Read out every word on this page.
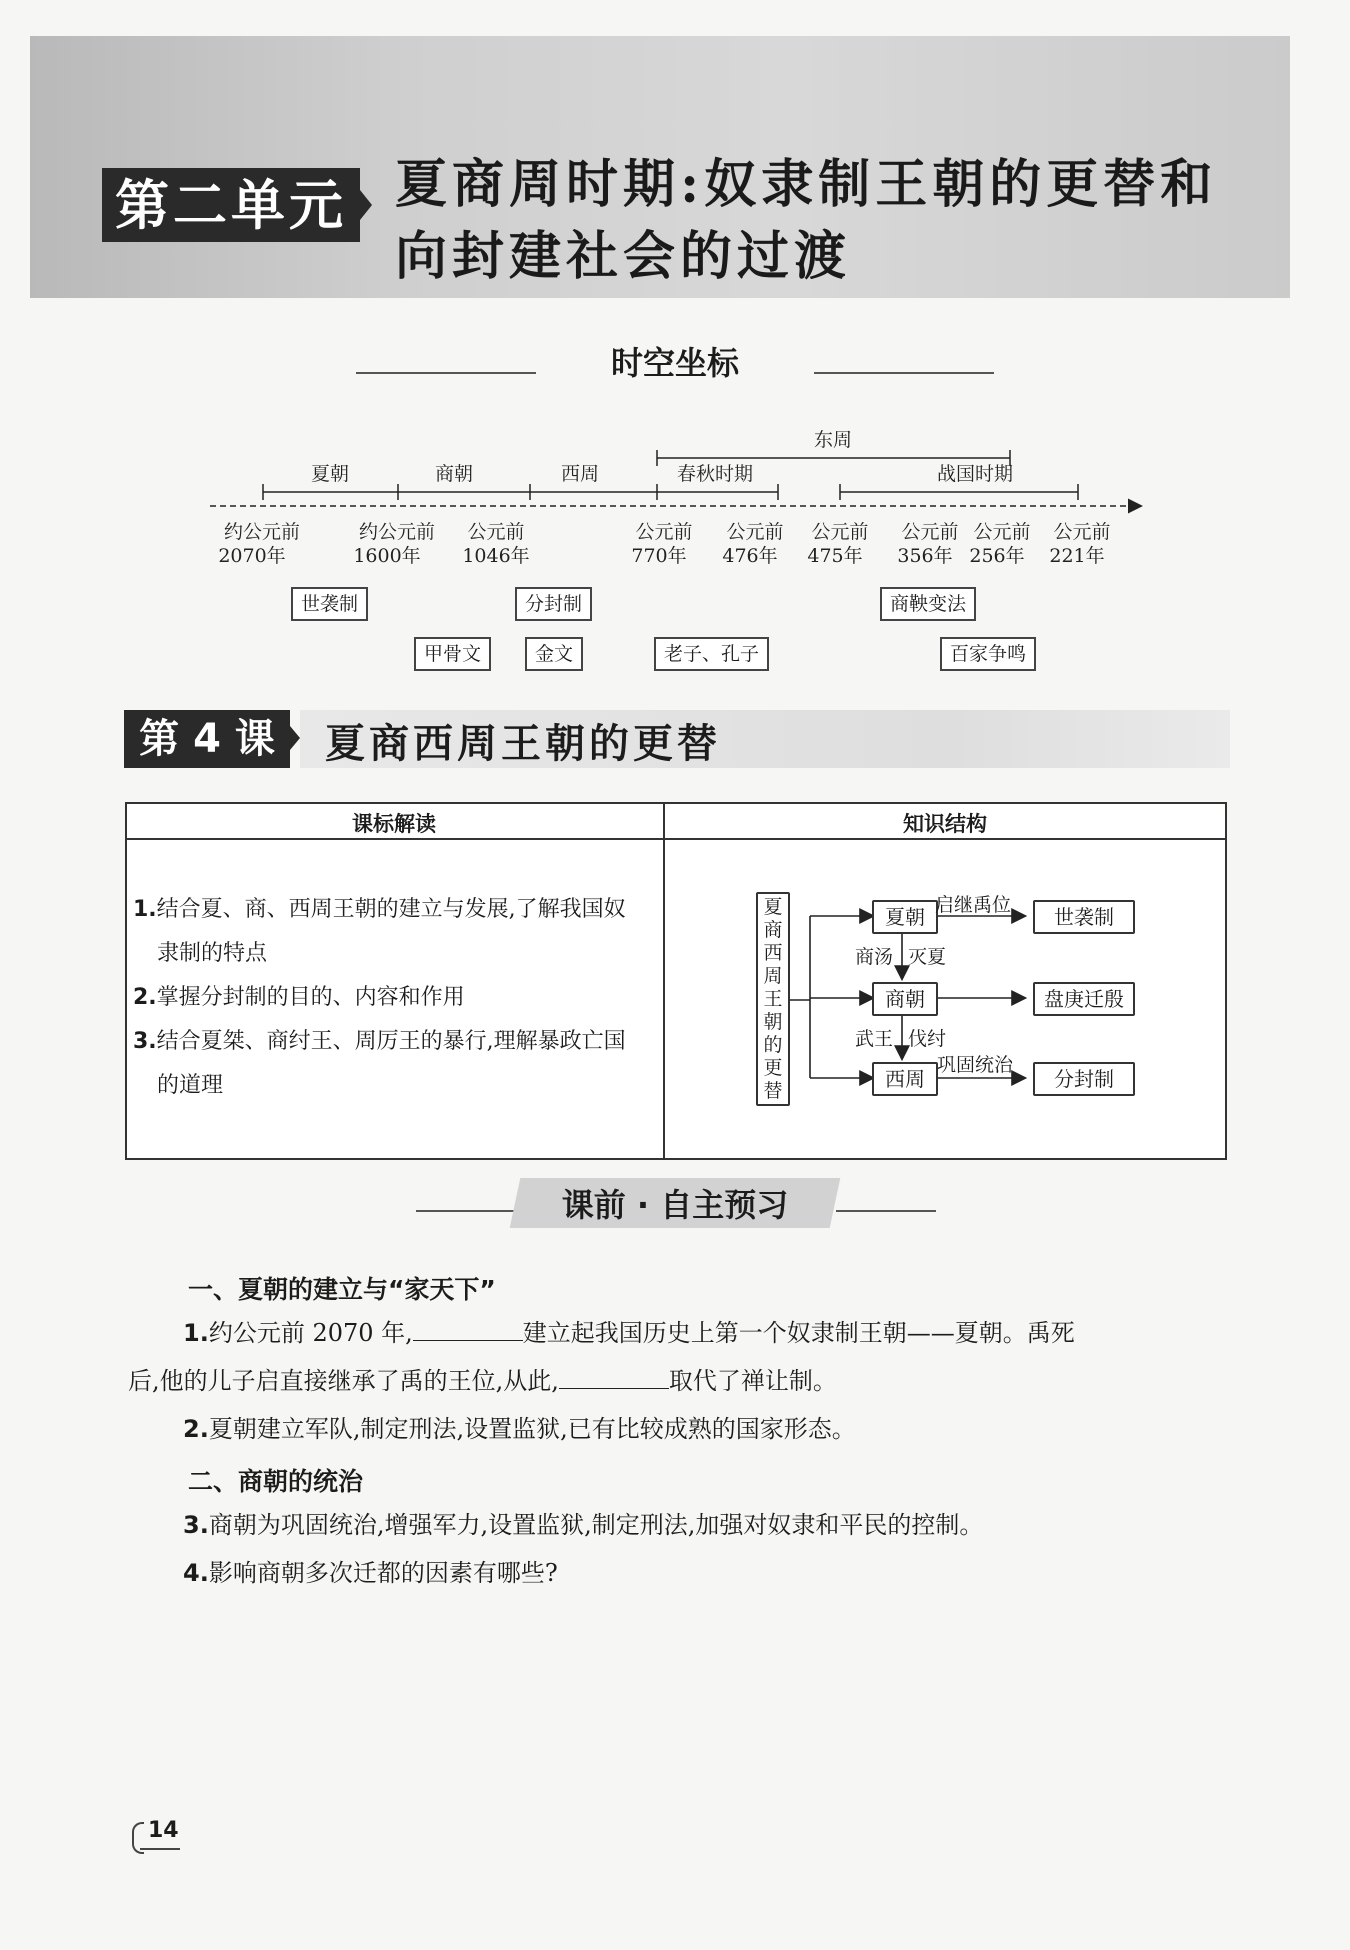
第二单元 夏商周时期:奴隶制王朝的更替和
向封建社会的过渡
时空坐标
东周
夏朝	商朝	西周	春秋时期	战国时期
约公元前
2070年
约公元前
1600年
公元前
1046年
公元前
770年
公元前
476年
公元前
475年
公元前
356年
公元前
256年
公元前
221年
世袭制	分封制	商鞅变法
甲骨文	金文	老子、孔子	百家争鸣
第 4 课	夏商西周王朝的更替
课标解读	知识结构
1.结合夏、商、西周王朝的建立与发展,了解我国奴
隶制的特点
2.掌握分封制的目的、内容和作用
3.结合夏桀、商纣王、周厉王的暴行,理解暴政亡国
的道理
夏商西周王朝的更替
夏朝
商朝
西周
世袭制
盘庚迁殷
分封制
启继禹位
巩固统治
商汤 灭夏
武王 伐纣
课前 · 自主预习
一、夏朝的建立与“家天下”
1.约公元前 2070 年,	建立起我国历史上第一个奴隶制王朝——夏朝。禹死
后,他的儿子启直接继承了禹的王位,从此,	取代了禅让制。
2.夏朝建立军队,制定刑法,设置监狱,已有比较成熟的国家形态。
二、商朝的统治
3.商朝为巩固统治,增强军力,设置监狱,制定刑法,加强对奴隶和平民的控制。
4.影响商朝多次迁都的因素有哪些?
14
